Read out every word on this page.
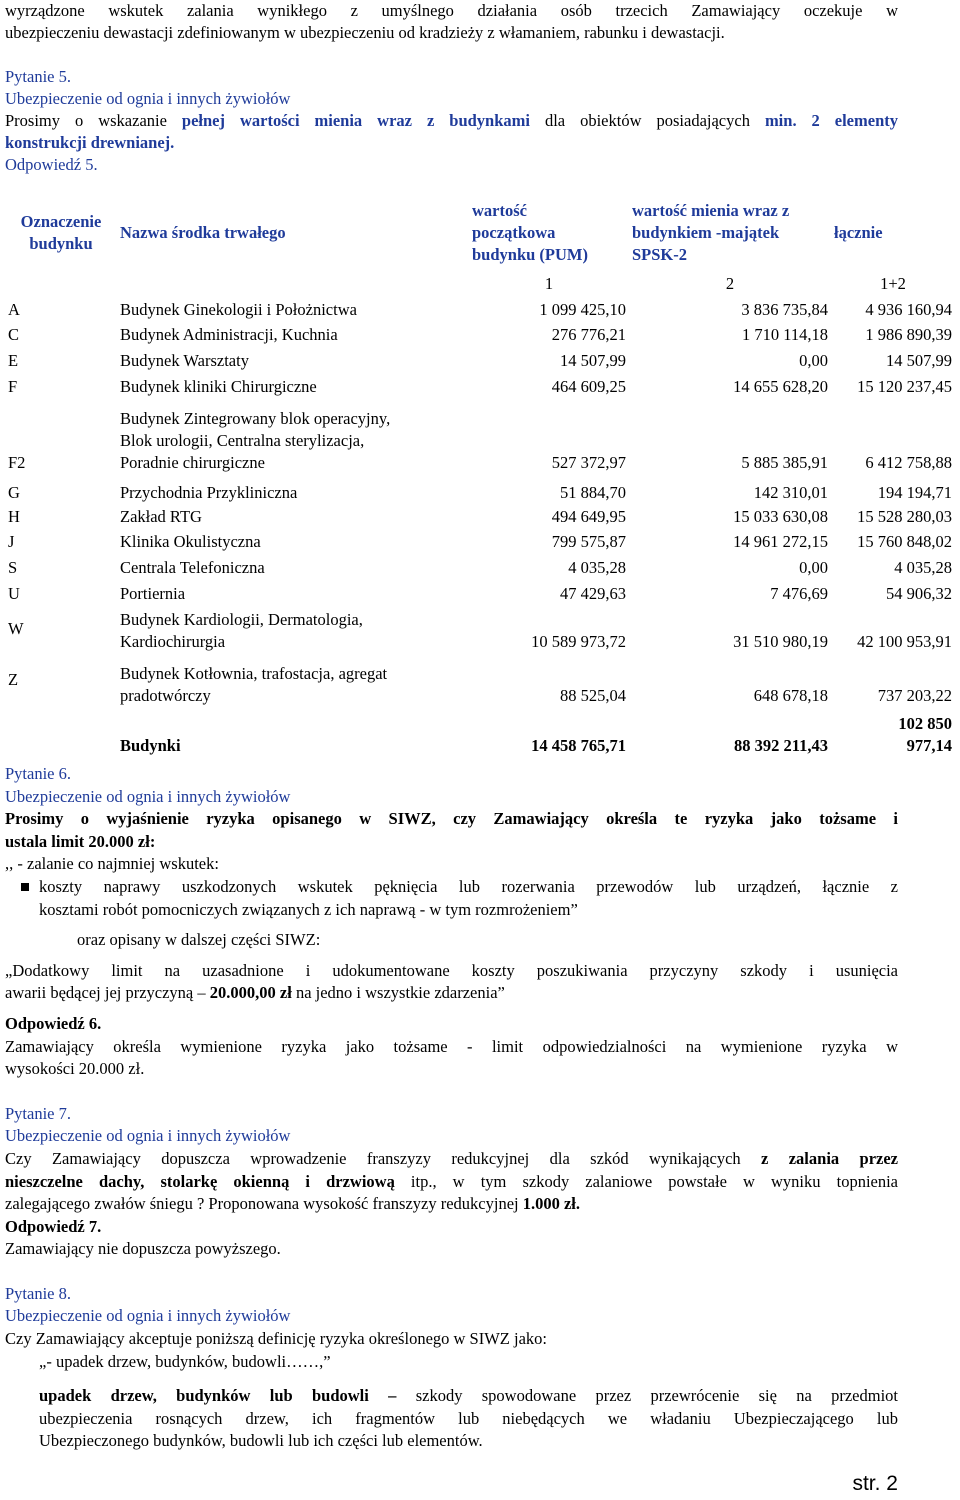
wyrządzone wskutek zalania wynikłego z umyślnego działania osób trzecich Zamawiający oczekuje w

ubezpieczeniu dewastacji zdefiniowanym w ubezpieczeniu od kradzieży z włamaniem, rabunku i dewastacji.

Pytanie 5.

Ubezpieczenie od ognia i innych żywiołów

Prosimy o wskazanie pełnej wartości mienia wraz z budynkami dla obiektów posiadających min. 2 elementy

konstrukcji drewnianej.

Odpowiedź 5.

Oznaczenie
budynku	Nazwa środka trwałego	wartość
początkowa
budynku (PUM)	wartość mienia wraz z
budynkiem -majątek
SPSK-2	łącznie
		1	2	1+2
A	Budynek Ginekologii i Położnictwa	1 099 425,10	3 836 735,84	4 936 160,94
C	Budynek Administracji, Kuchnia	276 776,21	1 710 114,18	1 986 890,39
E	Budynek Warsztaty	14 507,99	0,00	14 507,99
F	Budynek kliniki Chirurgiczne	464 609,25	14 655 628,20	15 120 237,45
F2	Budynek Zintegrowany blok operacyjny,
Blok urologii, Centralna sterylizacja,
Poradnie chirurgiczne	527 372,97	5 885 385,91	6 412 758,88
G	Przychodnia Przykliniczna	51 884,70	142 310,01	194 194,71
H	Zakład RTG	494 649,95	15 033 630,08	15 528 280,03
J	Klinika Okulistyczna	799 575,87	14 961 272,15	15 760 848,02
S	Centrala Telefoniczna	4 035,28	0,00	4 035,28
U	Portiernia	47 429,63	7 476,69	54 906,32
W	Budynek Kardiologii, Dermatologia,
Kardiochirurgia	10 589 973,72	31 510 980,19	42 100 953,91
Z	Budynek Kotłownia, trafostacja, agregat
pradotwórczy	88 525,04	648 678,18	737 203,22
	Budynki	14 458 765,71	88 392 211,43	102 850
977,14

Pytanie 6.

Ubezpieczenie od ognia i innych żywiołów

Prosimy o wyjaśnienie ryzyka opisanego w SIWZ, czy Zamawiający określa te ryzyka jako tożsame i

ustala limit 20.000 zł:

,, - zalanie co najmniej wskutek:

koszty naprawy uszkodzonych wskutek pęknięcia lub rozerwania przewodów lub urządzeń, łącznie z

kosztami robót pomocniczych związanych z ich naprawą - w tym rozmrożeniem”

oraz opisany w dalszej części SIWZ:

„Dodatkowy limit na uzasadnione i udokumentowane koszty poszukiwania przyczyny szkody i usunięcia

awarii będącej jej przyczyną – 20.000,00 zł na jedno i wszystkie zdarzenia”

Odpowiedź 6.

Zamawiający określa wymienione ryzyka jako tożsame - limit odpowiedzialności na wymienione ryzyka w

wysokości 20.000 zł.

Pytanie 7.

Ubezpieczenie od ognia i innych żywiołów

Czy Zamawiający dopuszcza wprowadzenie franszyzy redukcyjnej dla szkód wynikających z zalania przez

nieszczelne dachy, stolarkę okienną i drzwiową itp., w tym szkody zalaniowe powstałe w wyniku topnienia

zalegającego zwałów śniegu ? Proponowana wysokość franszyzy redukcyjnej 1.000 zł.

Odpowiedź 7.

Zamawiający nie dopuszcza powyższego.

Pytanie 8.

Ubezpieczenie od ognia i innych żywiołów

Czy Zamawiający akceptuje poniższą definicję ryzyka określonego w SIWZ jako:

„- upadek drzew, budynków, budowli……,”

upadek drzew, budynków lub budowli – szkody spowodowane przez przewrócenie się na przedmiot

ubezpieczenia rosnących drzew, ich fragmentów lub niebędących we władaniu Ubezpieczającego lub

Ubezpieczonego budynków, budowli lub ich części lub elementów.

str. 2
